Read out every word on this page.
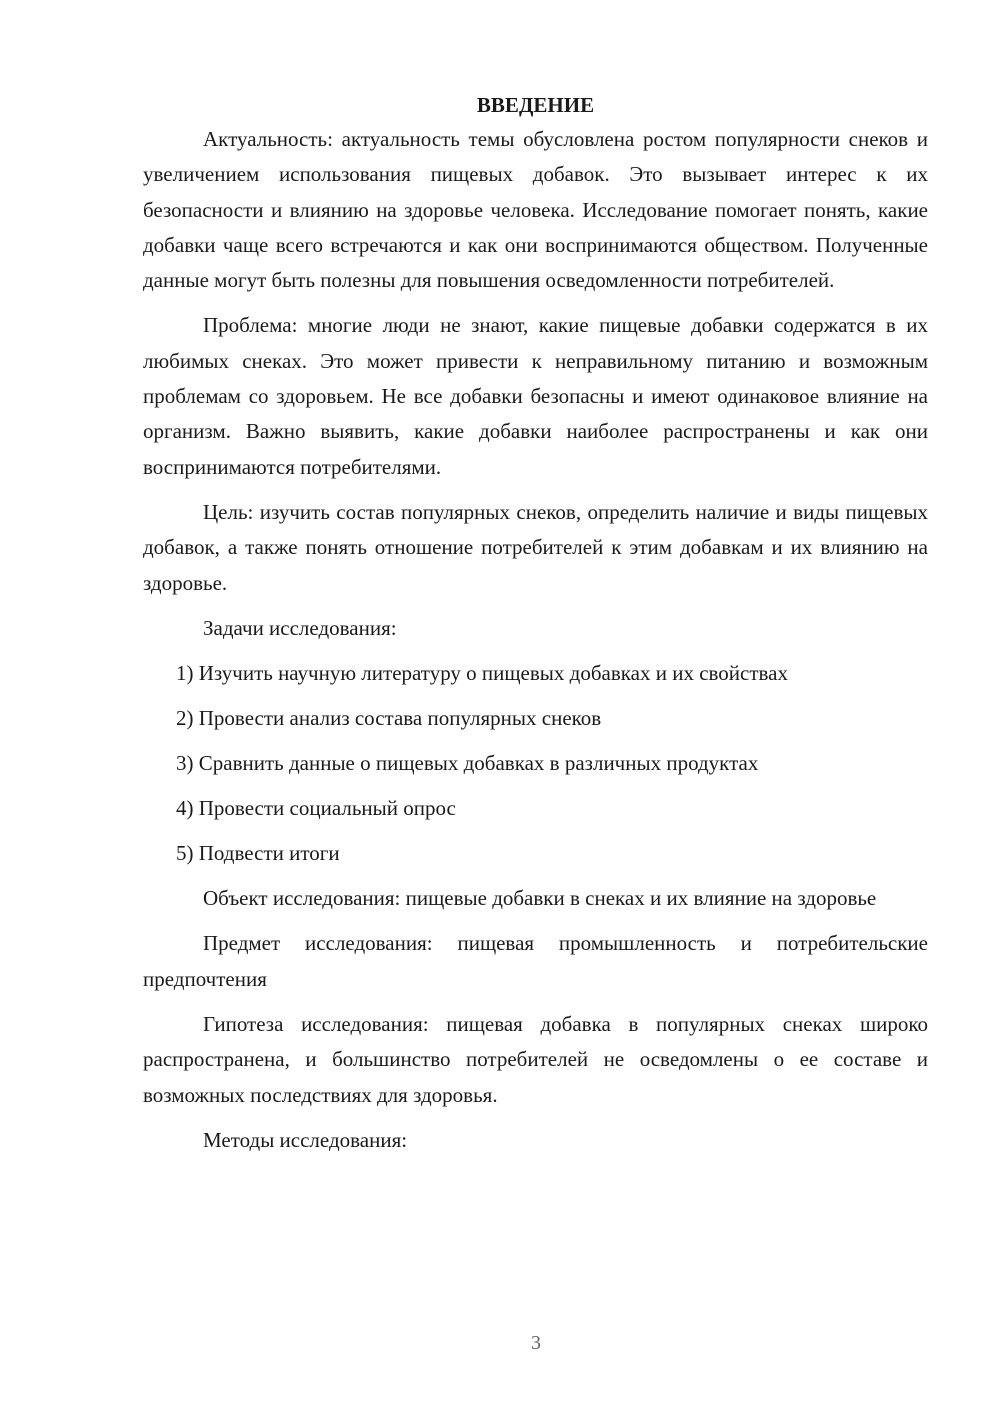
ВВЕДЕНИЕ

Актуальность: актуальность темы обусловлена ростом популярности снеков и увеличением использования пищевых добавок. Это вызывает интерес к их безопасности и влиянию на здоровье человека. Исследование помогает понять, какие добавки чаще всего встречаются и как они воспринимаются обществом. Полученные данные могут быть полезны для повышения осведомленности потребителей.

Проблема: многие люди не знают, какие пищевые добавки содержатся в их любимых снеках. Это может привести к неправильному питанию и возможным проблемам со здоровьем. Не все добавки безопасны и имеют одинаковое влияние на организм. Важно выявить, какие добавки наиболее распространены и как они воспринимаются потребителями.

Цель: изучить состав популярных снеков, определить наличие и виды пищевых добавок, а также понять отношение потребителей к этим добавкам и их влиянию на здоровье.

Задачи исследования:

1) Изучить научную литературу о пищевых добавках и их свойствах

2) Провести анализ состава популярных снеков

3) Сравнить данные о пищевых добавках в различных продуктах

4) Провести социальный опрос

5) Подвести итоги

Объект исследования: пищевые добавки в снеках и их влияние на здоровье

Предмет исследования: пищевая промышленность и потребительские предпочтения

Гипотеза исследования: пищевая добавка в популярных снеках широко распространена, и большинство потребителей не осведомлены о ее составе и возможных последствиях для здоровья.

Методы исследования:

3
